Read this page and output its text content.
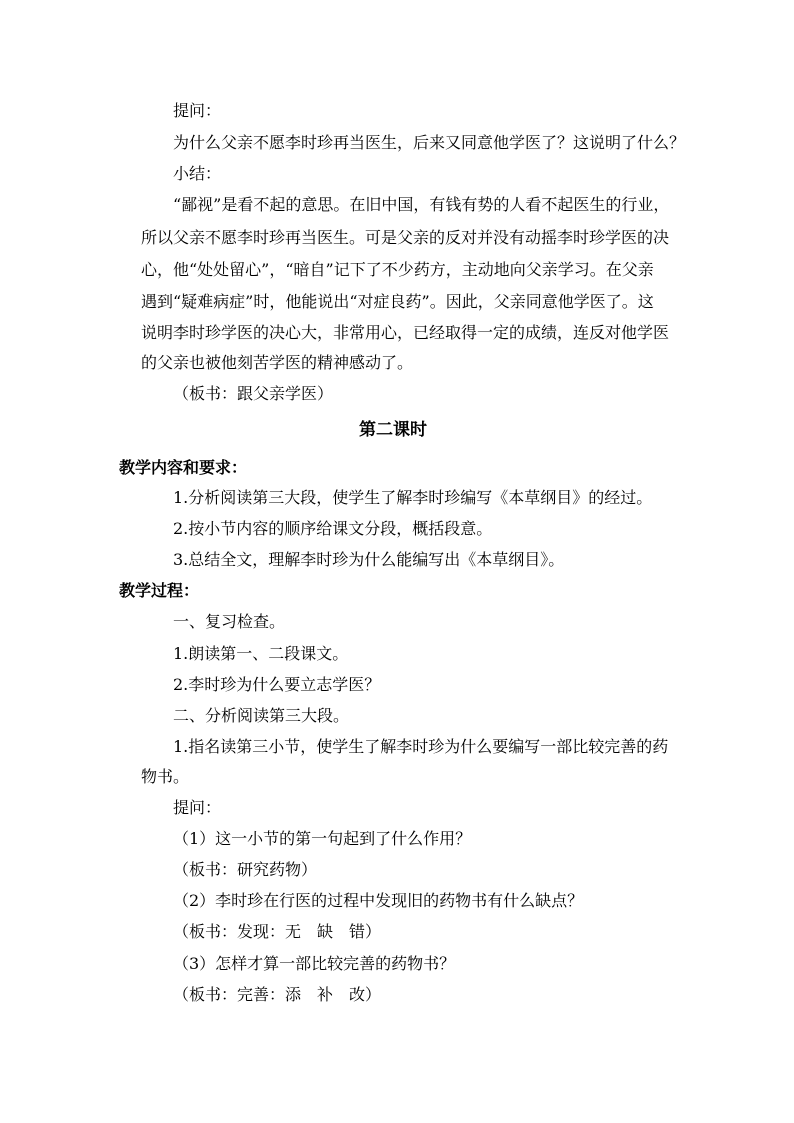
提问：
为什么父亲不愿李时珍再当医生，后来又同意他学医了？这说明了什么？
小结：
“鄙视”是看不起的意思。在旧中国，有钱有势的人看不起医生的行业，
所以父亲不愿李时珍再当医生。可是父亲的反对并没有动摇李时珍学医的决
心，他“处处留心”，“暗自”记下了不少药方，主动地向父亲学习。在父亲
遇到“疑难病症”时，他能说出“对症良药”。因此，父亲同意他学医了。这
说明李时珍学医的决心大，非常用心，已经取得一定的成绩，连反对他学医
的父亲也被他刻苦学医的精神感动了。
（板书：跟父亲学医）
第二课时
教学内容和要求：
1.分析阅读第三大段，使学生了解李时珍编写《本草纲目》的经过。
2.按小节内容的顺序给课文分段，概括段意。
3.总结全文，理解李时珍为什么能编写出《本草纲目》。
教学过程：
一、复习检查。
1.朗读第一、二段课文。
2.李时珍为什么要立志学医？
二、分析阅读第三大段。
1.指名读第三小节，使学生了解李时珍为什么要编写一部比较完善的药
物书。
提问：
（1）这一小节的第一句起到了什么作用？
（板书：研究药物）
（2）李时珍在行医的过程中发现旧的药物书有什么缺点？
（板书：发现：无　缺　错）
（3）怎样才算一部比较完善的药物书？
（板书：完善：添　补　改）
